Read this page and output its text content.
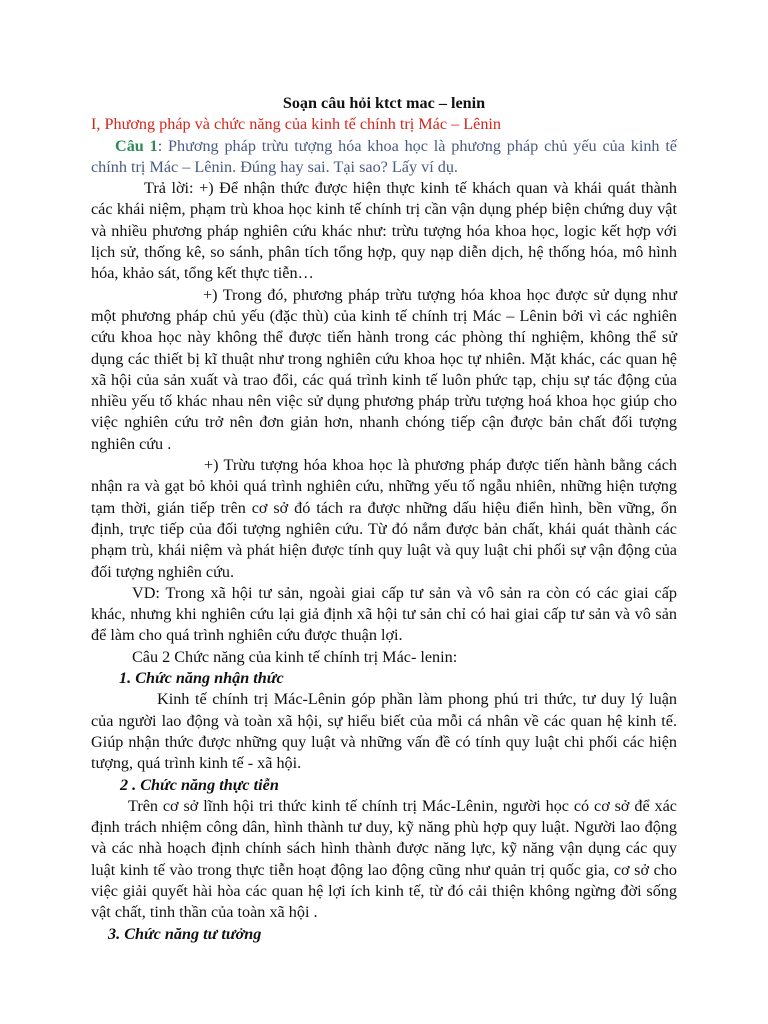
Soạn câu hỏi ktct mac – lenin

I, Phương pháp và chức năng của kinh tế chính trị Mác – Lênin

Câu 1: Phương pháp trừu tượng hóa khoa học là phương pháp chủ yếu của kinh tế chính trị Mác – Lênin. Đúng hay sai. Tại sao? Lấy ví dụ.

Trả lời: +) Để nhận thức được hiện thực kinh tế khách quan và khái quát thành các khái niệm, phạm trù khoa học kinh tế chính trị cần vận dụng phép biện chứng duy vật và nhiều phương pháp nghiên cứu khác như: trừu tượng hóa khoa học, logic kết hợp với lịch sử, thống kê, so sánh, phân tích tổng hợp, quy nạp diễn dịch, hệ thống hóa, mô hình hóa, khảo sát, tổng kết thực tiễn…

+) Trong đó, phương pháp trừu tượng hóa khoa học được sử dụng như một phương pháp chủ yếu (đặc thù) của kinh tế chính trị Mác – Lênin bởi vì các nghiên cứu khoa học này không thể được tiến hành trong các phòng thí nghiệm, không thể sử dụng các thiết bị kĩ thuật như trong nghiên cứu khoa học tự nhiên. Mặt khác, các quan hệ xã hội của sản xuất và trao đổi, các quá trình kinh tế luôn phức tạp, chịu sự tác động của nhiều yếu tố khác nhau nên việc sử dụng phương pháp trừu tượng hoá khoa học giúp cho việc nghiên cứu trở nên đơn giản hơn, nhanh chóng tiếp cận được bản chất đối tượng nghiên cứu .

+) Trừu tượng hóa khoa học là phương pháp được tiến hành bằng cách nhận ra và gạt bỏ khỏi quá trình nghiên cứu, những yếu tố ngẫu nhiên, những hiện tượng tạm thời, gián tiếp trên cơ sở đó tách ra được những dấu hiệu điển hình, bền vững, ổn định, trực tiếp của đối tượng nghiên cứu. Từ đó nắm được bản chất, khái quát thành các phạm trù, khái niệm và phát hiện được tính quy luật và quy luật chi phối sự vận động của đối tượng nghiên cứu.

VD: Trong xã hội tư sản, ngoài giai cấp tư sản và vô sản ra còn có các giai cấp khác, nhưng khi nghiên cứu lại giả định xã hội tư sản chỉ có hai giai cấp tư sản và vô sản để làm cho quá trình nghiên cứu được thuận lợi.

Câu 2 Chức năng của kinh tế chính trị Mác- lenin:

1. Chức năng nhận thức

Kinh tế chính trị Mác-Lênin góp phần làm phong phú tri thức, tư duy lý luận của người lao động và toàn xã hội, sự hiểu biết của mỗi cá nhân về các quan hệ kinh tế. Giúp nhận thức được những quy luật và những vấn đề có tính quy luật chi phối các hiện tượng, quá trình kinh tế - xã hội.

2 . Chức năng thực tiễn

Trên cơ sở lĩnh hội tri thức kinh tế chính trị Mác-Lênin, người học có cơ sở để xác định trách nhiệm công dân, hình thành tư duy, kỹ năng phù hợp quy luật. Người lao động và các nhà hoạch định chính sách hình thành được năng lực, kỹ năng vận dụng các quy luật kinh tế vào trong thực tiễn hoạt động lao động cũng như quản trị quốc gia, cơ sở cho việc giải quyết hài hòa các quan hệ lợi ích kinh tế, từ đó cải thiện không ngừng đời sống vật chất, tinh thần của toàn xã hội .

3. Chức năng tư tưởng
